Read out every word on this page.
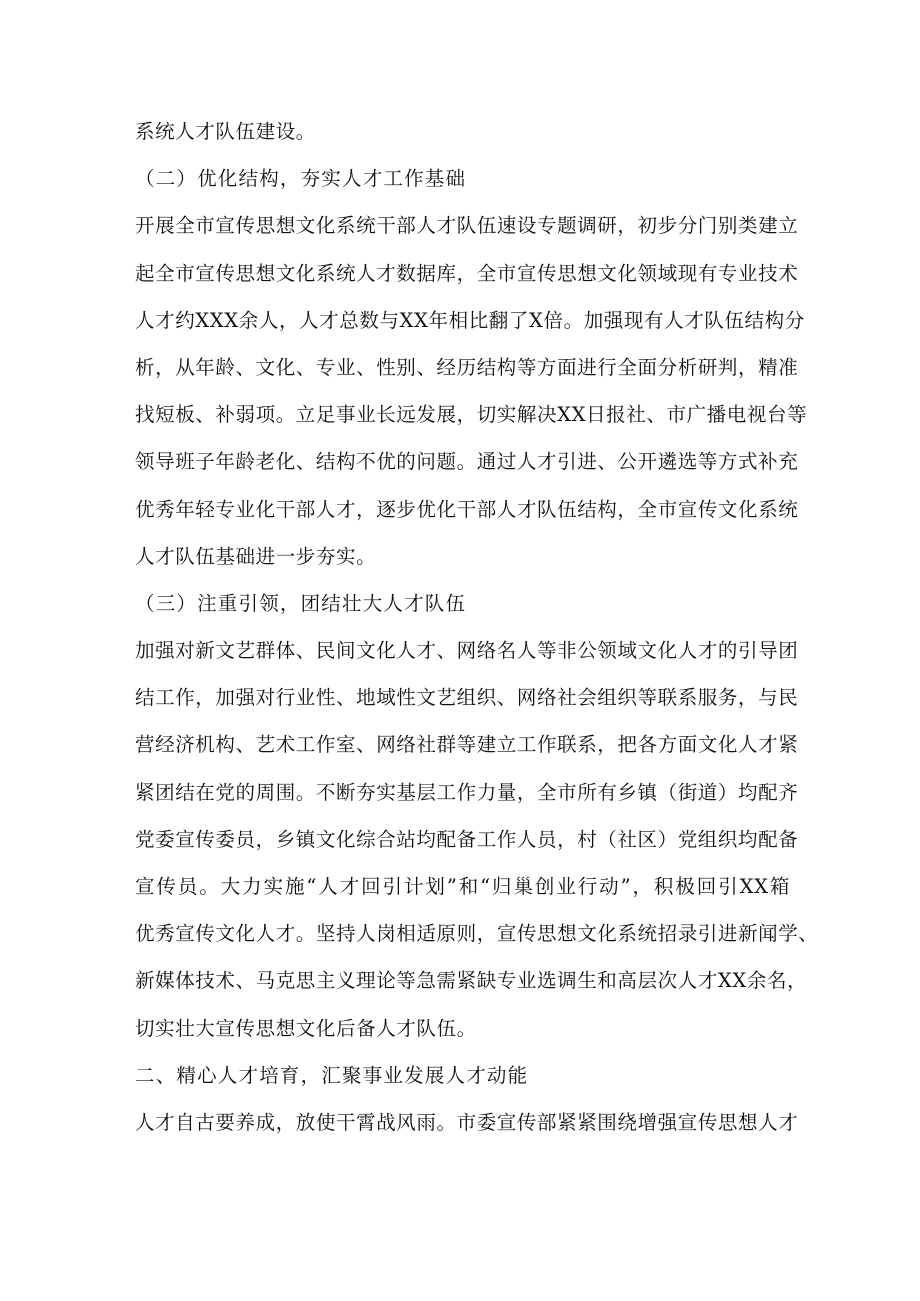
系统人才队伍建设。
（二）优化结构，夯实人才工作基础
开展全市宣传思想文化系统干部人才队伍速设专题调研，初步分门别类建立
起全市宣传思想文化系统人才数据库，全市宣传思想文化领域现有专业技术
人才约XXX余人，人才总数与XX年相比翻了X倍。加强现有人才队伍结构分
析，从年龄、文化、专业、性别、经历结构等方面进行全面分析研判，精准
找短板、补弱项。立足事业长远发展，切实解决XX日报社、市广播电视台等
领导班子年龄老化、结构不优的问题。通过人才引进、公开遴选等方式补充
优秀年轻专业化干部人才，逐步优化干部人才队伍结构，全市宣传文化系统
人才队伍基础进一步夯实。
（三）注重引领，团结壮大人才队伍
加强对新文艺群体、民间文化人才、网络名人等非公领域文化人才的引导团
结工作，加强对行业性、地域性文艺组织、网络社会组织等联系服务，与民
营经济机构、艺术工作室、网络社群等建立工作联系，把各方面文化人才紧
紧团结在党的周围。不断夯实基层工作力量，全市所有乡镇（街道）均配齐
党委宣传委员，乡镇文化综合站均配备工作人员，村（社区）党组织均配备
宣传员。大力实施“人才回引计划”和“归巢创业行动”，积极回引XX箱
优秀宣传文化人才。坚持人岗相适原则，宣传思想文化系统招录引进新闻学、
新媒体技术、马克思主义理论等急需紧缺专业选调生和高层次人才XX余名，
切实壮大宣传思想文化后备人才队伍。
二、精心人才培育，汇聚事业发展人才动能
人才自古要养成，放使干霄战风雨。市委宣传部紧紧围绕增强宣传思想人才
